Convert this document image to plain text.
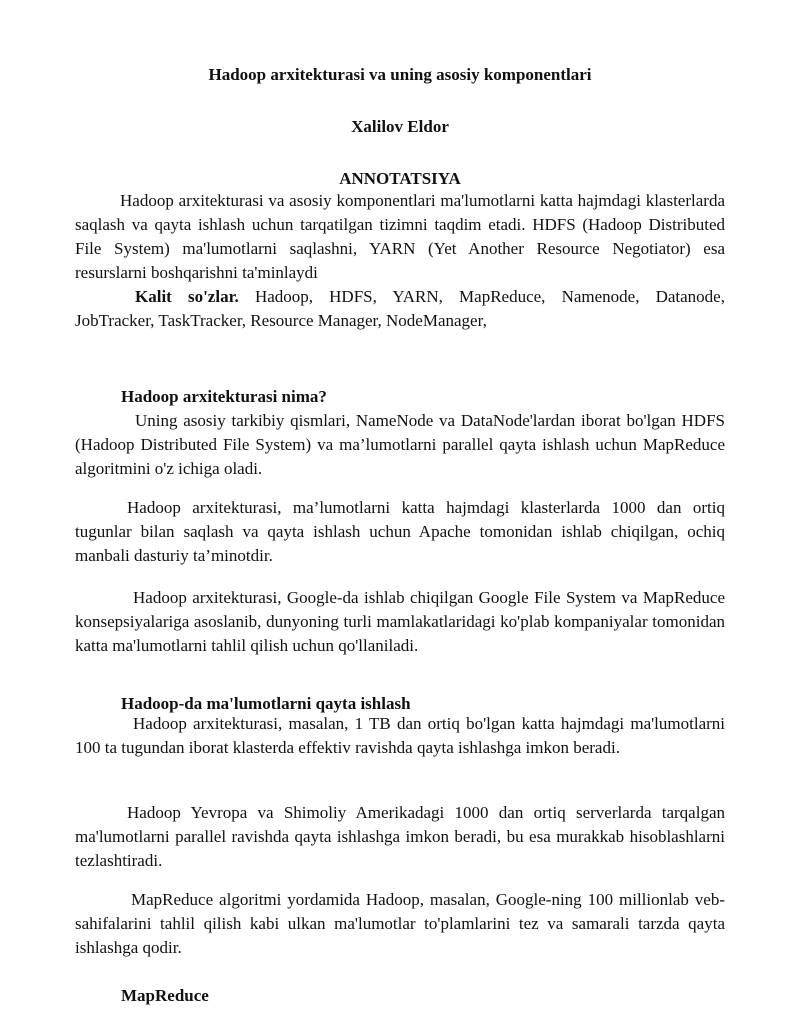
Hadoop arxitekturasi va uning asosiy komponentlari
Xalilov Eldor
ANNOTATSIYA
Hadoop arxitekturasi va asosiy komponentlari ma'lumotlarni katta hajmdagi klasterlarda saqlash va qayta ishlash uchun tarqatilgan tizimni taqdim etadi. HDFS (Hadoop Distributed File System) ma'lumotlarni saqlashni, YARN (Yet Another Resource Negotiator) esa resurslarni boshqarishni ta'minlaydi
Kalit so'zlar. Hadoop, HDFS, YARN, MapReduce, Namenode, Datanode, JobTracker, TaskTracker, Resource Manager, NodeManager,
Hadoop arxitekturasi nima?
Uning asosiy tarkibiy qismlari, NameNode va DataNode'lardan iborat bo'lgan HDFS (Hadoop Distributed File System) va ma’lumotlarni parallel qayta ishlash uchun MapReduce algoritmini o'z ichiga oladi.
Hadoop arxitekturasi, ma’lumotlarni katta hajmdagi klasterlarda 1000 dan ortiq tugunlar bilan saqlash va qayta ishlash uchun Apache tomonidan ishlab chiqilgan, ochiq manbali dasturiy ta’minotdir.
Hadoop arxitekturasi, Google-da ishlab chiqilgan Google File System va MapReduce konsepsiyalariga asoslanib, dunyoning turli mamlakatlaridagi ko'plab kompaniyalar tomonidan katta ma'lumotlarni tahlil qilish uchun qo'llaniladi.
Hadoop-da ma'lumotlarni qayta ishlash
Hadoop arxitekturasi, masalan, 1 TB dan ortiq bo'lgan katta hajmdagi ma'lumotlarni 100 ta tugundan iborat klasterda effektiv ravishda qayta ishlashga imkon beradi.
Hadoop Yevropa va Shimoliy Amerikadagi 1000 dan ortiq serverlarda tarqalgan ma'lumotlarni parallel ravishda qayta ishlashga imkon beradi, bu esa murakkab hisoblashlarni tezlashtiradi.
MapReduce algoritmi yordamida Hadoop, masalan, Google-ning 100 millionlab veb-sahifalarini tahlil qilish kabi ulkan ma'lumotlar to'plamlarini tez va samarali tarzda qayta ishlashga qodir.
MapReduce
